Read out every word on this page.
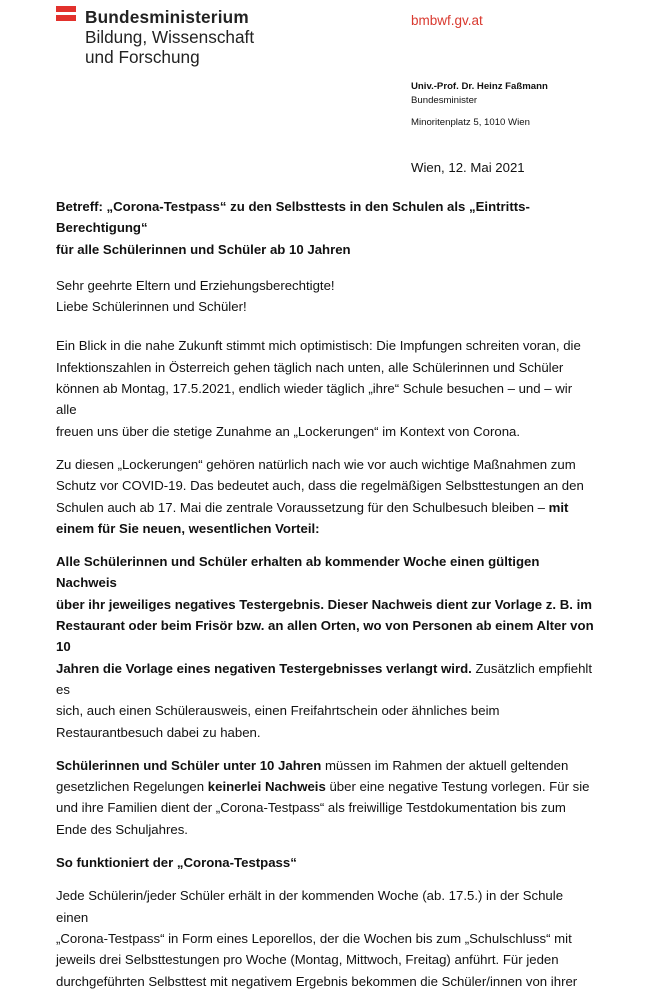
Bundesministerium
Bildung, Wissenschaft
und Forschung
bmbwf.gv.at
Univ.-Prof. Dr. Heinz Faßmann
Bundesminister
Minoritenplatz 5, 1010 Wien
Wien, 12. Mai 2021

Betreff: „Corona-Testpass“ zu den Selbsttests in den Schulen als „Eintritts-Berechtigung“

für alle Schülerinnen und Schüler ab 10 Jahren

Sehr geehrte Eltern und Erziehungsberechtigte!

Liebe Schülerinnen und Schüler!

Ein Blick in die nahe Zukunft stimmt mich optimistisch: Die Impfungen schreiten voran, die

Infektionszahlen in Österreich gehen täglich nach unten, alle Schülerinnen und Schüler

können ab Montag, 17.5.2021, endlich wieder täglich „ihre“ Schule besuchen – und – wir alle

freuen uns über die stetige Zunahme an „Lockerungen“ im Kontext von Corona.

Zu diesen „Lockerungen“ gehören natürlich nach wie vor auch wichtige Maßnahmen zum

Schutz vor COVID-19. Das bedeutet auch, dass die regelmäßigen Selbsttestungen an den

Schulen auch ab 17. Mai die zentrale Voraussetzung für den Schulbesuch bleiben – mit

einem für Sie neuen, wesentlichen Vorteil:

Alle Schülerinnen und Schüler erhalten ab kommender Woche einen gültigen Nachweis

über ihr jeweiliges negatives Testergebnis. Dieser Nachweis dient zur Vorlage z. B. im

Restaurant oder beim Frisör bzw. an allen Orten, wo von Personen ab einem Alter von 10

Jahren die Vorlage eines negativen Testergebnisses verlangt wird. Zusätzlich empfiehlt es

sich, auch einen Schülerausweis, einen Freifahrtschein oder ähnliches beim

Restaurantbesuch dabei zu haben.

Schülerinnen und Schüler unter 10 Jahren müssen im Rahmen der aktuell geltenden

gesetzlichen Regelungen keinerlei Nachweis über eine negative Testung vorlegen. Für sie

und ihre Familien dient der „Corona-Testpass“ als freiwillige Testdokumentation bis zum

Ende des Schuljahres.

So funktioniert der „Corona-Testpass“

Jede Schülerin/jeder Schüler erhält in der kommenden Woche (ab. 17.5.) in der Schule einen

„Corona-Testpass“ in Form eines Leporellos, der die Wochen bis zum „Schulschluss“ mit

jeweils drei Selbsttestungen pro Woche (Montag, Mittwoch, Freitag) anführt. Für jeden

durchgeführten Selbsttest mit negativem Ergebnis bekommen die Schüler/innen von ihrer
